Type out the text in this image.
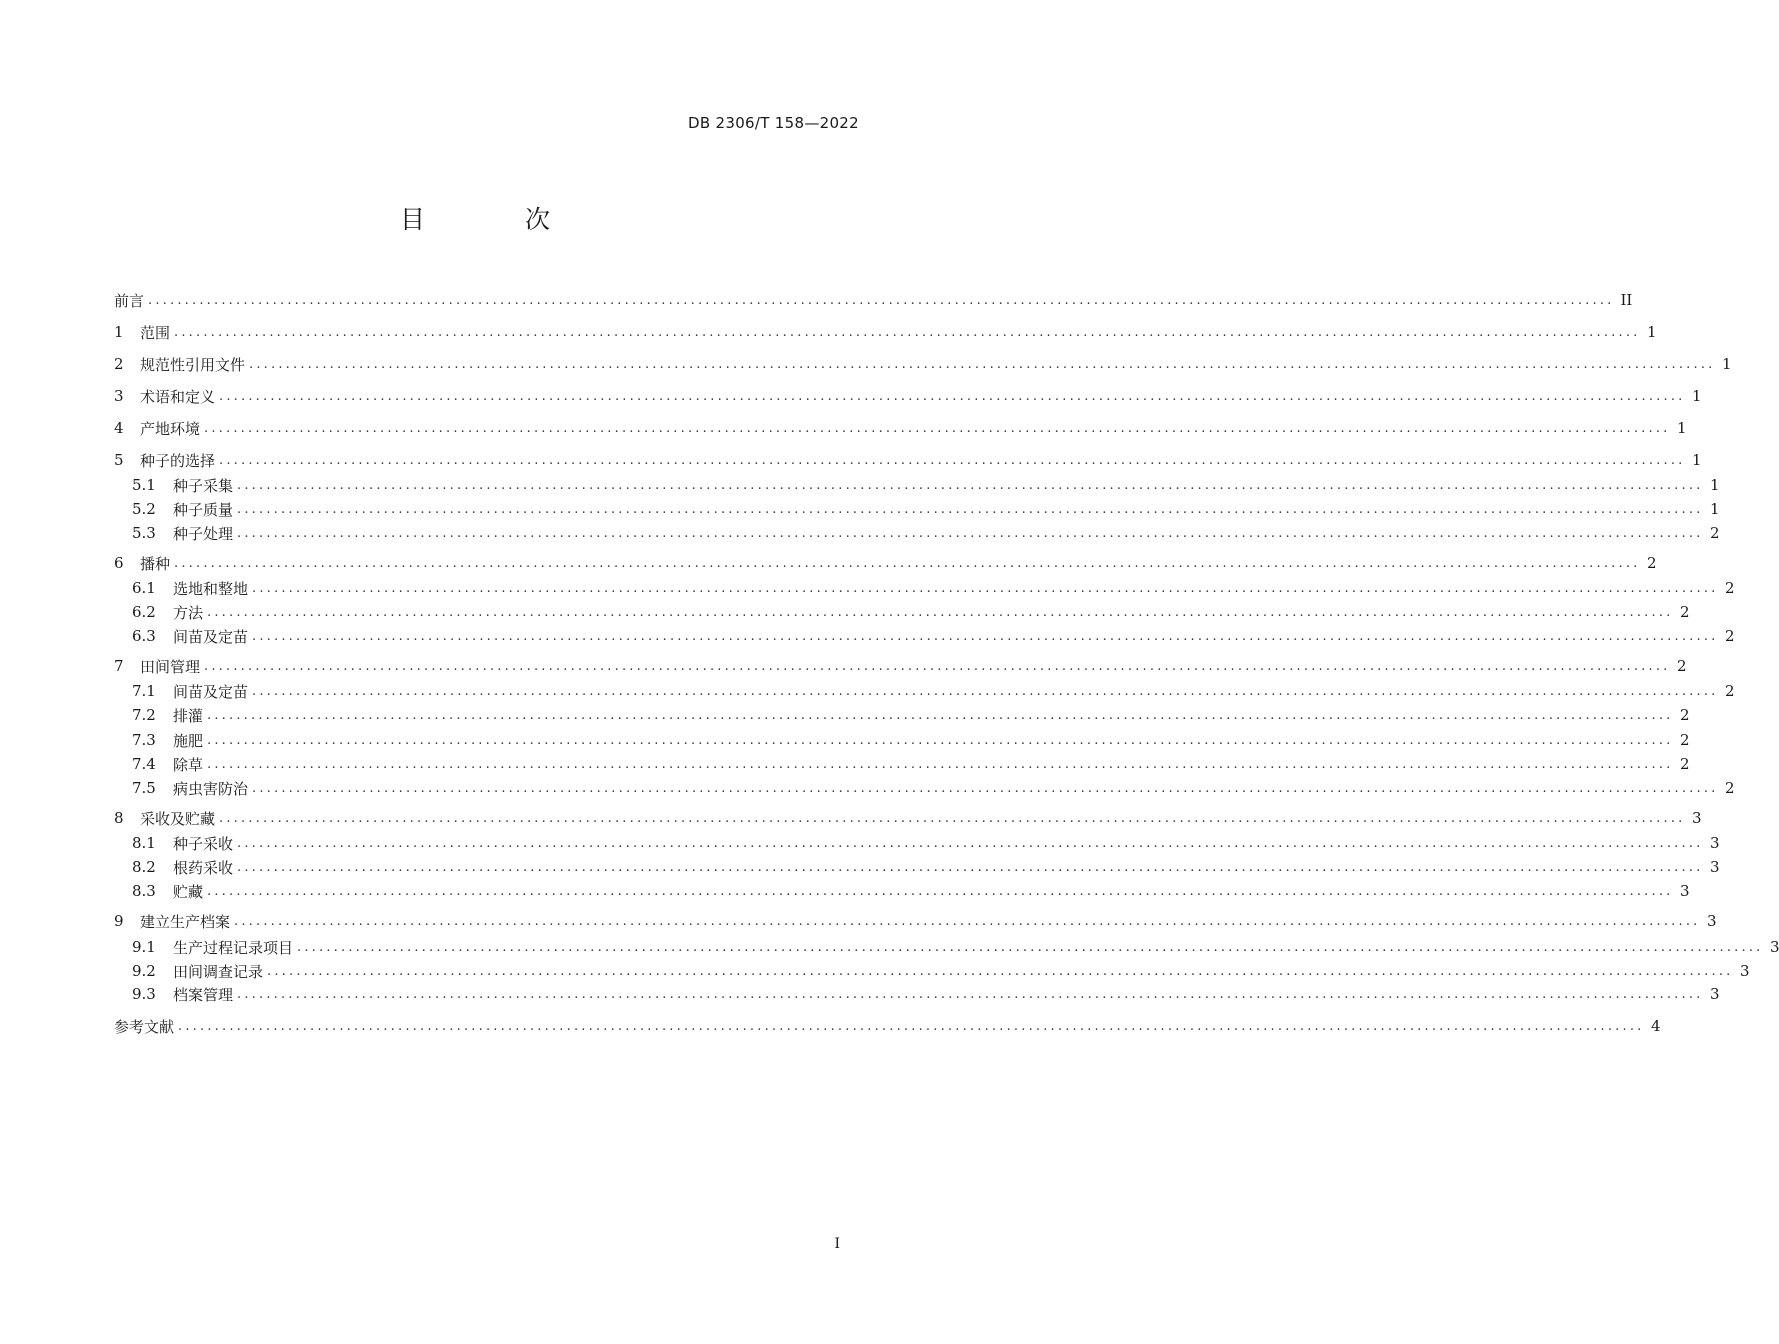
DB 2306/T 158—2022
目 次
前言 ........................................................................................................................................................................................................ II
1	范围 ........................................................................................................................................................................................................ 1
2	规范性引用文件 ........................................................................................................................................................................................................ 1
3	术语和定义 ........................................................................................................................................................................................................ 1
4	产地环境 ........................................................................................................................................................................................................ 1
5	种子的选择 ........................................................................................................................................................................................................ 1
5.1	种子采集 ........................................................................................................................................................................................................ 1
5.2	种子质量 ........................................................................................................................................................................................................ 1
5.3	种子处理 ........................................................................................................................................................................................................ 2
6	播种 ........................................................................................................................................................................................................ 2
6.1	选地和整地 ........................................................................................................................................................................................................ 2
6.2	方法 ........................................................................................................................................................................................................ 2
6.3	间苗及定苗 ........................................................................................................................................................................................................ 2
7	田间管理 ........................................................................................................................................................................................................ 2
7.1	间苗及定苗 ........................................................................................................................................................................................................ 2
7.2	排灌 ........................................................................................................................................................................................................ 2
7.3	施肥 ........................................................................................................................................................................................................ 2
7.4	除草 ........................................................................................................................................................................................................ 2
7.5	病虫害防治 ........................................................................................................................................................................................................ 2
8	采收及贮藏 ........................................................................................................................................................................................................ 3
8.1	种子采收 ........................................................................................................................................................................................................ 3
8.2	根药采收 ........................................................................................................................................................................................................ 3
8.3	贮藏 ........................................................................................................................................................................................................ 3
9	建立生产档案 ........................................................................................................................................................................................................ 3
9.1	生产过程记录项目 ........................................................................................................................................................................................................ 3
9.2	田间调查记录 ........................................................................................................................................................................................................ 3
9.3	档案管理 ........................................................................................................................................................................................................ 3
参考文献 ........................................................................................................................................................................................................ 4
I
